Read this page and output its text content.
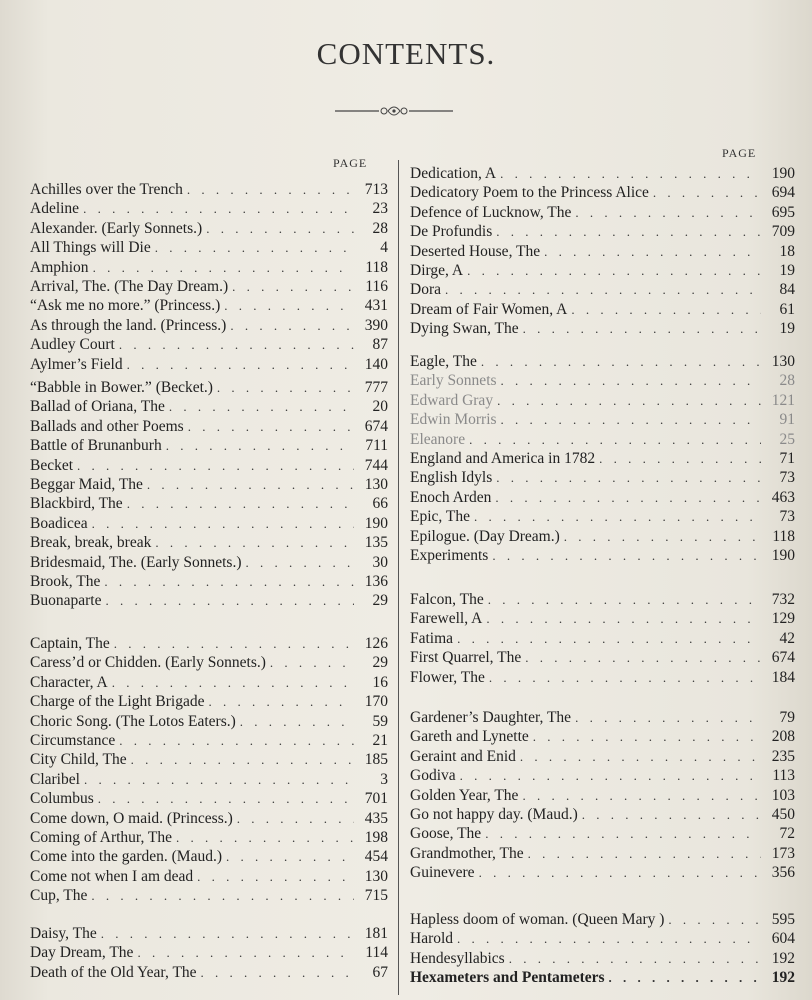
CONTENTS.
PAGE
Achilles over the Trench . . .	713
Adeline . . .	23
Alexander. (Early Sonnets.) . . .	28
All Things will Die . . .	4
Amphion . . .	118
Arrival, The. (The Day Dream.) . . .	116
“Ask me no more.” (Princess.) . . .	431
As through the land. (Princess.) . . .	390
Audley Court . . .	87
Aylmer’s Field . . .	140
“Babble in Bower.” (Becket.) . . .	777
Ballad of Oriana, The . . .	20
Ballads and other Poems . . .	674
Battle of Brunanburh . . .	711
Becket . . .	744
Beggar Maid, The . . .	130
Blackbird, The . . .	66
Boadicea . . .	190
Break, break, break . . .	135
Bridesmaid, The. (Early Sonnets.) . . .	30
Brook, The . . .	136
Buonaparte . . .	29
Captain, The . . .	126
Caress’d or Chidden. (Early Sonnets.) . . .	29
Character, A . . .	16
Charge of the Light Brigade . . .	170
Choric Song. (The Lotos Eaters.) . . .	59
Circumstance . . .	21
City Child, The . . .	185
Claribel . . .	3
Columbus . . .	701
Come down, O maid. (Princess.) . . .	435
Coming of Arthur, The . . .	198
Come into the garden. (Maud.) . . .	454
Come not when I am dead . . .	130
Cup, The . . .	715
Daisy, The . . .	181
Day Dream, The . . .	114
Death of the Old Year, The . . .	67
PAGE
Dedication, A . . .	190
Dedicatory Poem to the Princess Alice . . .	694
Defence of Lucknow, The . . .	695
De Profundis . . .	709
Deserted House, The . . .	18
Dirge, A . . .	19
Dora . . .	84
Dream of Fair Women, A . . .	61
Dying Swan, The . . .	19
Eagle, The . . .	130
Early Sonnets . . .	28
Edward Gray . . .	121
Edwin Morris . . .	91
Eleanore . . .	25
England and America in 1782 . . .	71
English Idyls . . .	73
Enoch Arden . . .	463
Epic, The . . .	73
Epilogue. (Day Dream.) . . .	118
Experiments . . .	190
Falcon, The . . .	732
Farewell, A . . .	129
Fatima . . .	42
First Quarrel, The . . .	674
Flower, The . . .	184
Gardener’s Daughter, The . . .	79
Gareth and Lynette . . .	208
Geraint and Enid . . .	235
Godiva . . .	113
Golden Year, The . . .	103
Go not happy day. (Maud.) . . .	450
Goose, The . . .	72
Grandmother, The . . .	173
Guinevere . . .	356
Hapless doom of woman. (Queen Mary ) . . .	595
Harold . . .	604
Hendesyllabics . . .	192
Hexameters and Pentameters . . .	192
